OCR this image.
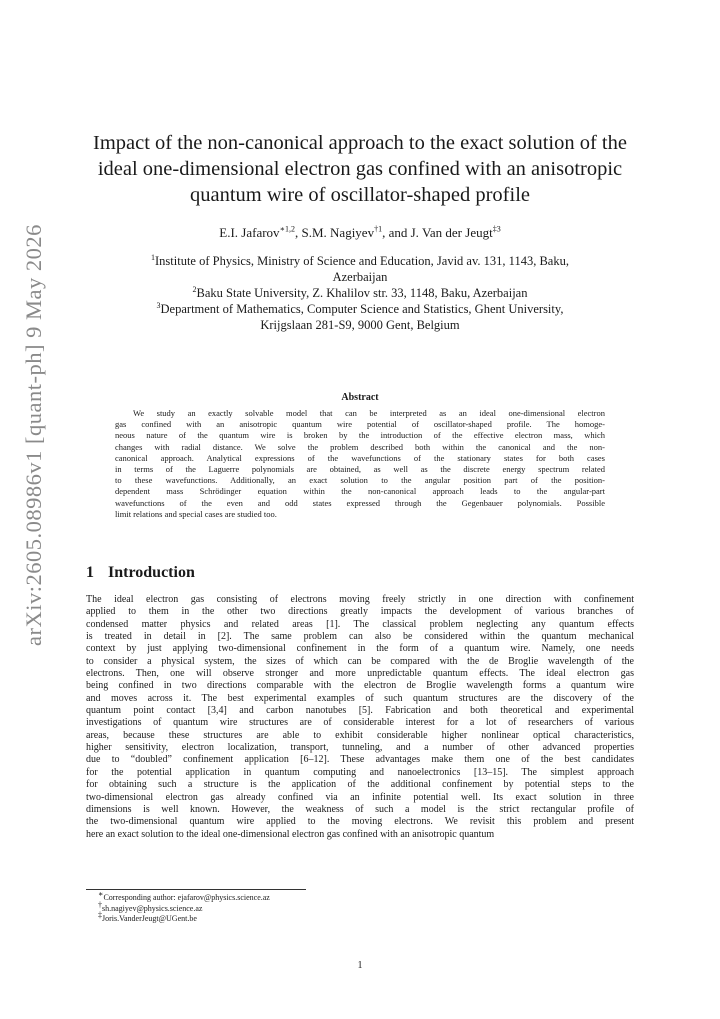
arXiv:2605.08986v1 [quant-ph] 9 May 2026
Impact of the non-canonical approach to the exact solution of the
ideal one-dimensional electron gas confined with an anisotropic
quantum wire of oscillator-shaped profile
E.I. Jafarov$^{∗1,2}$, S.M. Nagiyev$^{\dagger 1}$, and J. Van der Jeugt$^{\ddagger 3}$
$^1$Institute of Physics, Ministry of Science and Education, Javid av. 131, 1143, Baku,
Azerbaijan
$^2$Baku State University, Z. Khalilov str. 33, 1148, Baku, Azerbaijan
$^3$Department of Mathematics, Computer Science and Statistics, Ghent University,
Krijgslaan 281-S9, 9000 Gent, Belgium
Abstract
We study an exactly solvable model that can be interpreted as an ideal one-dimensional electron
gas confined with an anisotropic quantum wire potential of oscillator-shaped profile. The homoge-
neous nature of the quantum wire is broken by the introduction of the effective electron mass, which
changes with radial distance. We solve the problem described both within the canonical and the non-
canonical approach. Analytical expressions of the wavefunctions of the stationary states for both cases
in terms of the Laguerre polynomials are obtained, as well as the discrete energy spectrum related
to these wavefunctions. Additionally, an exact solution to the angular position part of the position-
dependent mass Schrödinger equation within the non-canonical approach leads to the angular-part
wavefunctions of the even and odd states expressed through the Gegenbauer polynomials. Possible
limit relations and special cases are studied too.
1 Introduction
The ideal electron gas consisting of electrons moving freely strictly in one direction with confinement
applied to them in the other two directions greatly impacts the development of various branches of
condensed matter physics and related areas [1]. The classical problem neglecting any quantum effects
is treated in detail in [2]. The same problem can also be considered within the quantum mechanical
context by just applying two-dimensional confinement in the form of a quantum wire. Namely, one needs
to consider a physical system, the sizes of which can be compared with the de Broglie wavelength of the
electrons. Then, one will observe stronger and more unpredictable quantum effects. The ideal electron gas
being confined in two directions comparable with the electron de Broglie wavelength forms a quantum wire
and moves across it. The best experimental examples of such quantum structures are the discovery of the
quantum point contact [3,4] and carbon nanotubes [5]. Fabrication and both theoretical and experimental
investigations of quantum wire structures are of considerable interest for a lot of researchers of various
areas, because these structures are able to exhibit considerable higher nonlinear optical characteristics,
higher sensitivity, electron localization, transport, tunneling, and a number of other advanced properties
due to “doubled” confinement application [6–12]. These advantages make them one of the best candidates
for the potential application in quantum computing and nanoelectronics [13–15]. The simplest approach
for obtaining such a structure is the application of the additional confinement by potential steps to the
two-dimensional electron gas already confined via an infinite potential well. Its exact solution in three
dimensions is well known. However, the weakness of such a model is the strict rectangular profile of
the two-dimensional quantum wire applied to the moving electrons. We revisit this problem and present
here an exact solution to the ideal one-dimensional electron gas confined with an anisotropic quantum
∗Corresponding author: ejafarov@physics.science.az
†sh.nagiyev@physics.science.az
‡Joris.VanderJeugt@UGent.be
1
